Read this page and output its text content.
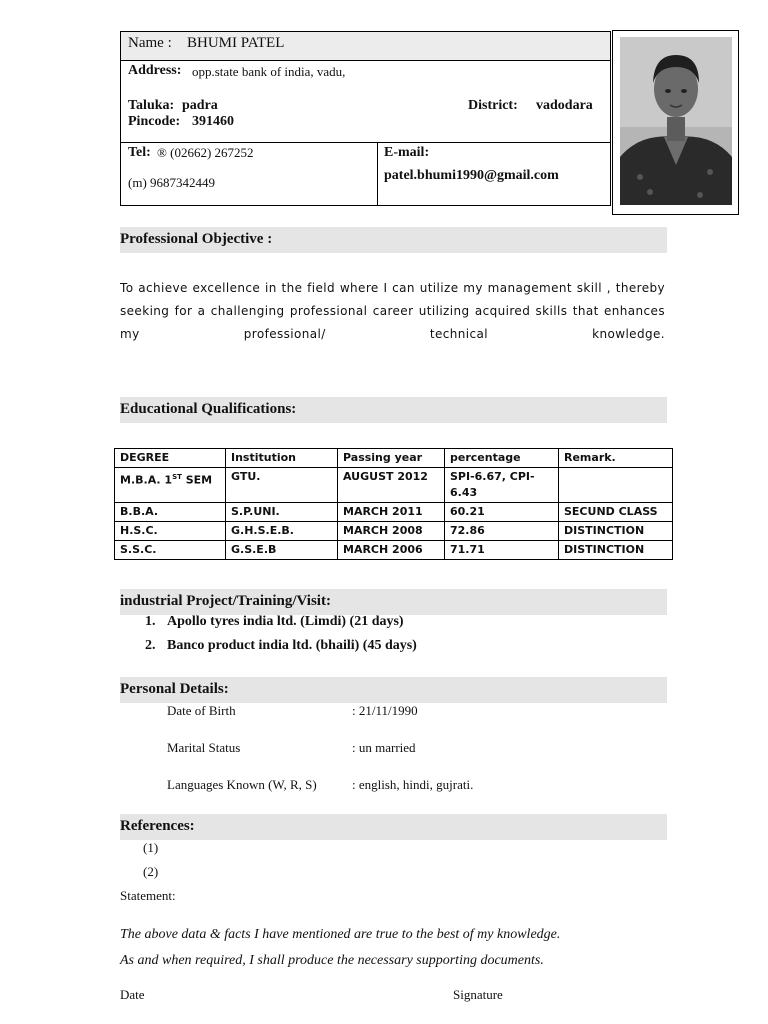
Name : BHUMI PATEL
Address: opp.state bank of india, vadu,
Taluka: padra	District: vadodara
Pincode: 391460
Tel: ® (02662) 267252
(m) 9687342449
E-mail:
patel.bhumi1990@gmail.com
Professional Objective :
To achieve excellence in the field where I can utilize my management skill , thereby seeking for a challenging professional career utilizing acquired skills that enhances my professional/ technical knowledge.
Educational Qualifications:
DEGREE	Institution	Passing year	percentage	Remark.
M.B.A. 1ST SEM	GTU.	AUGUST 2012	SPI-6.67, CPI-6.43	
B.B.A.	S.P.UNI.	MARCH 2011	60.21	SECUND CLASS
H.S.C.	G.H.S.E.B.	MARCH 2008	72.86	DISTINCTION
S.S.C.	G.S.E.B	MARCH 2006	71.71	DISTINCTION
industrial Project/Training/Visit:
1. Apollo tyres india ltd. (Limdi) (21 days)
2. Banco product india ltd. (bhaili) (45 days)
Personal Details:
Date of Birth	: 21/11/1990
Marital Status	: un married
Languages Known (W, R, S)	: english, hindi, gujrati.
References:
(1)
(2)
Statement:
The above data & facts I have mentioned are true to the best of my knowledge.
As and when required, I shall produce the necessary supporting documents.
Date	Signature
